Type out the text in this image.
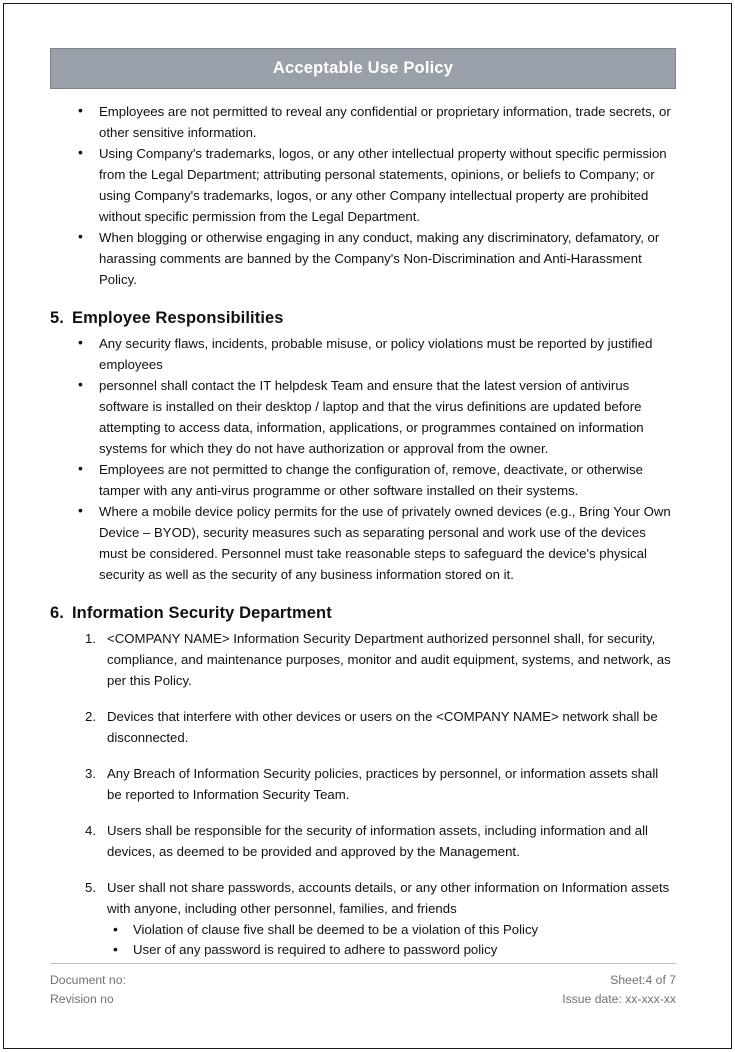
Acceptable Use Policy
• Employees are not permitted to reveal any confidential or proprietary information, trade secrets, or other sensitive information.
• Using Company's trademarks, logos, or any other intellectual property without specific permission from the Legal Department; attributing personal statements, opinions, or beliefs to Company; or using Company's trademarks, logos, or any other Company intellectual property are prohibited without specific permission from the Legal Department.
• When blogging or otherwise engaging in any conduct, making any discriminatory, defamatory, or harassing comments are banned by the Company's Non-Discrimination and Anti-Harassment Policy.
5. Employee Responsibilities
• Any security flaws, incidents, probable misuse, or policy violations must be reported by justified employees
• personnel shall contact the IT helpdesk Team and ensure that the latest version of antivirus software is installed on their desktop / laptop and that the virus definitions are updated before attempting to access data, information, applications, or programmes contained on information systems for which they do not have authorization or approval from the owner.
• Employees are not permitted to change the configuration of, remove, deactivate, or otherwise tamper with any anti-virus programme or other software installed on their systems.
• Where a mobile device policy permits for the use of privately owned devices (e.g., Bring Your Own Device – BYOD), security measures such as separating personal and work use of the devices must be considered. Personnel must take reasonable steps to safeguard the device's physical security as well as the security of any business information stored on it.
6. Information Security Department
1. <COMPANY NAME> Information Security Department authorized personnel shall, for security, compliance, and maintenance purposes, monitor and audit equipment, systems, and network, as per this Policy.
2. Devices that interfere with other devices or users on the <COMPANY NAME> network shall be disconnected.
3. Any Breach of Information Security policies, practices by personnel, or information assets shall be reported to Information Security Team.
4. Users shall be responsible for the security of information assets, including information and all devices, as deemed to be provided and approved by the Management.
5. User shall not share passwords, accounts details, or any other information on Information assets with anyone, including other personnel, families, and friends
• Violation of clause five shall be deemed to be a violation of this Policy
• User of any password is required to adhere to password policy
Document no:
Revision no
Sheet:4 of 7
Issue date: xx-xxx-xx
